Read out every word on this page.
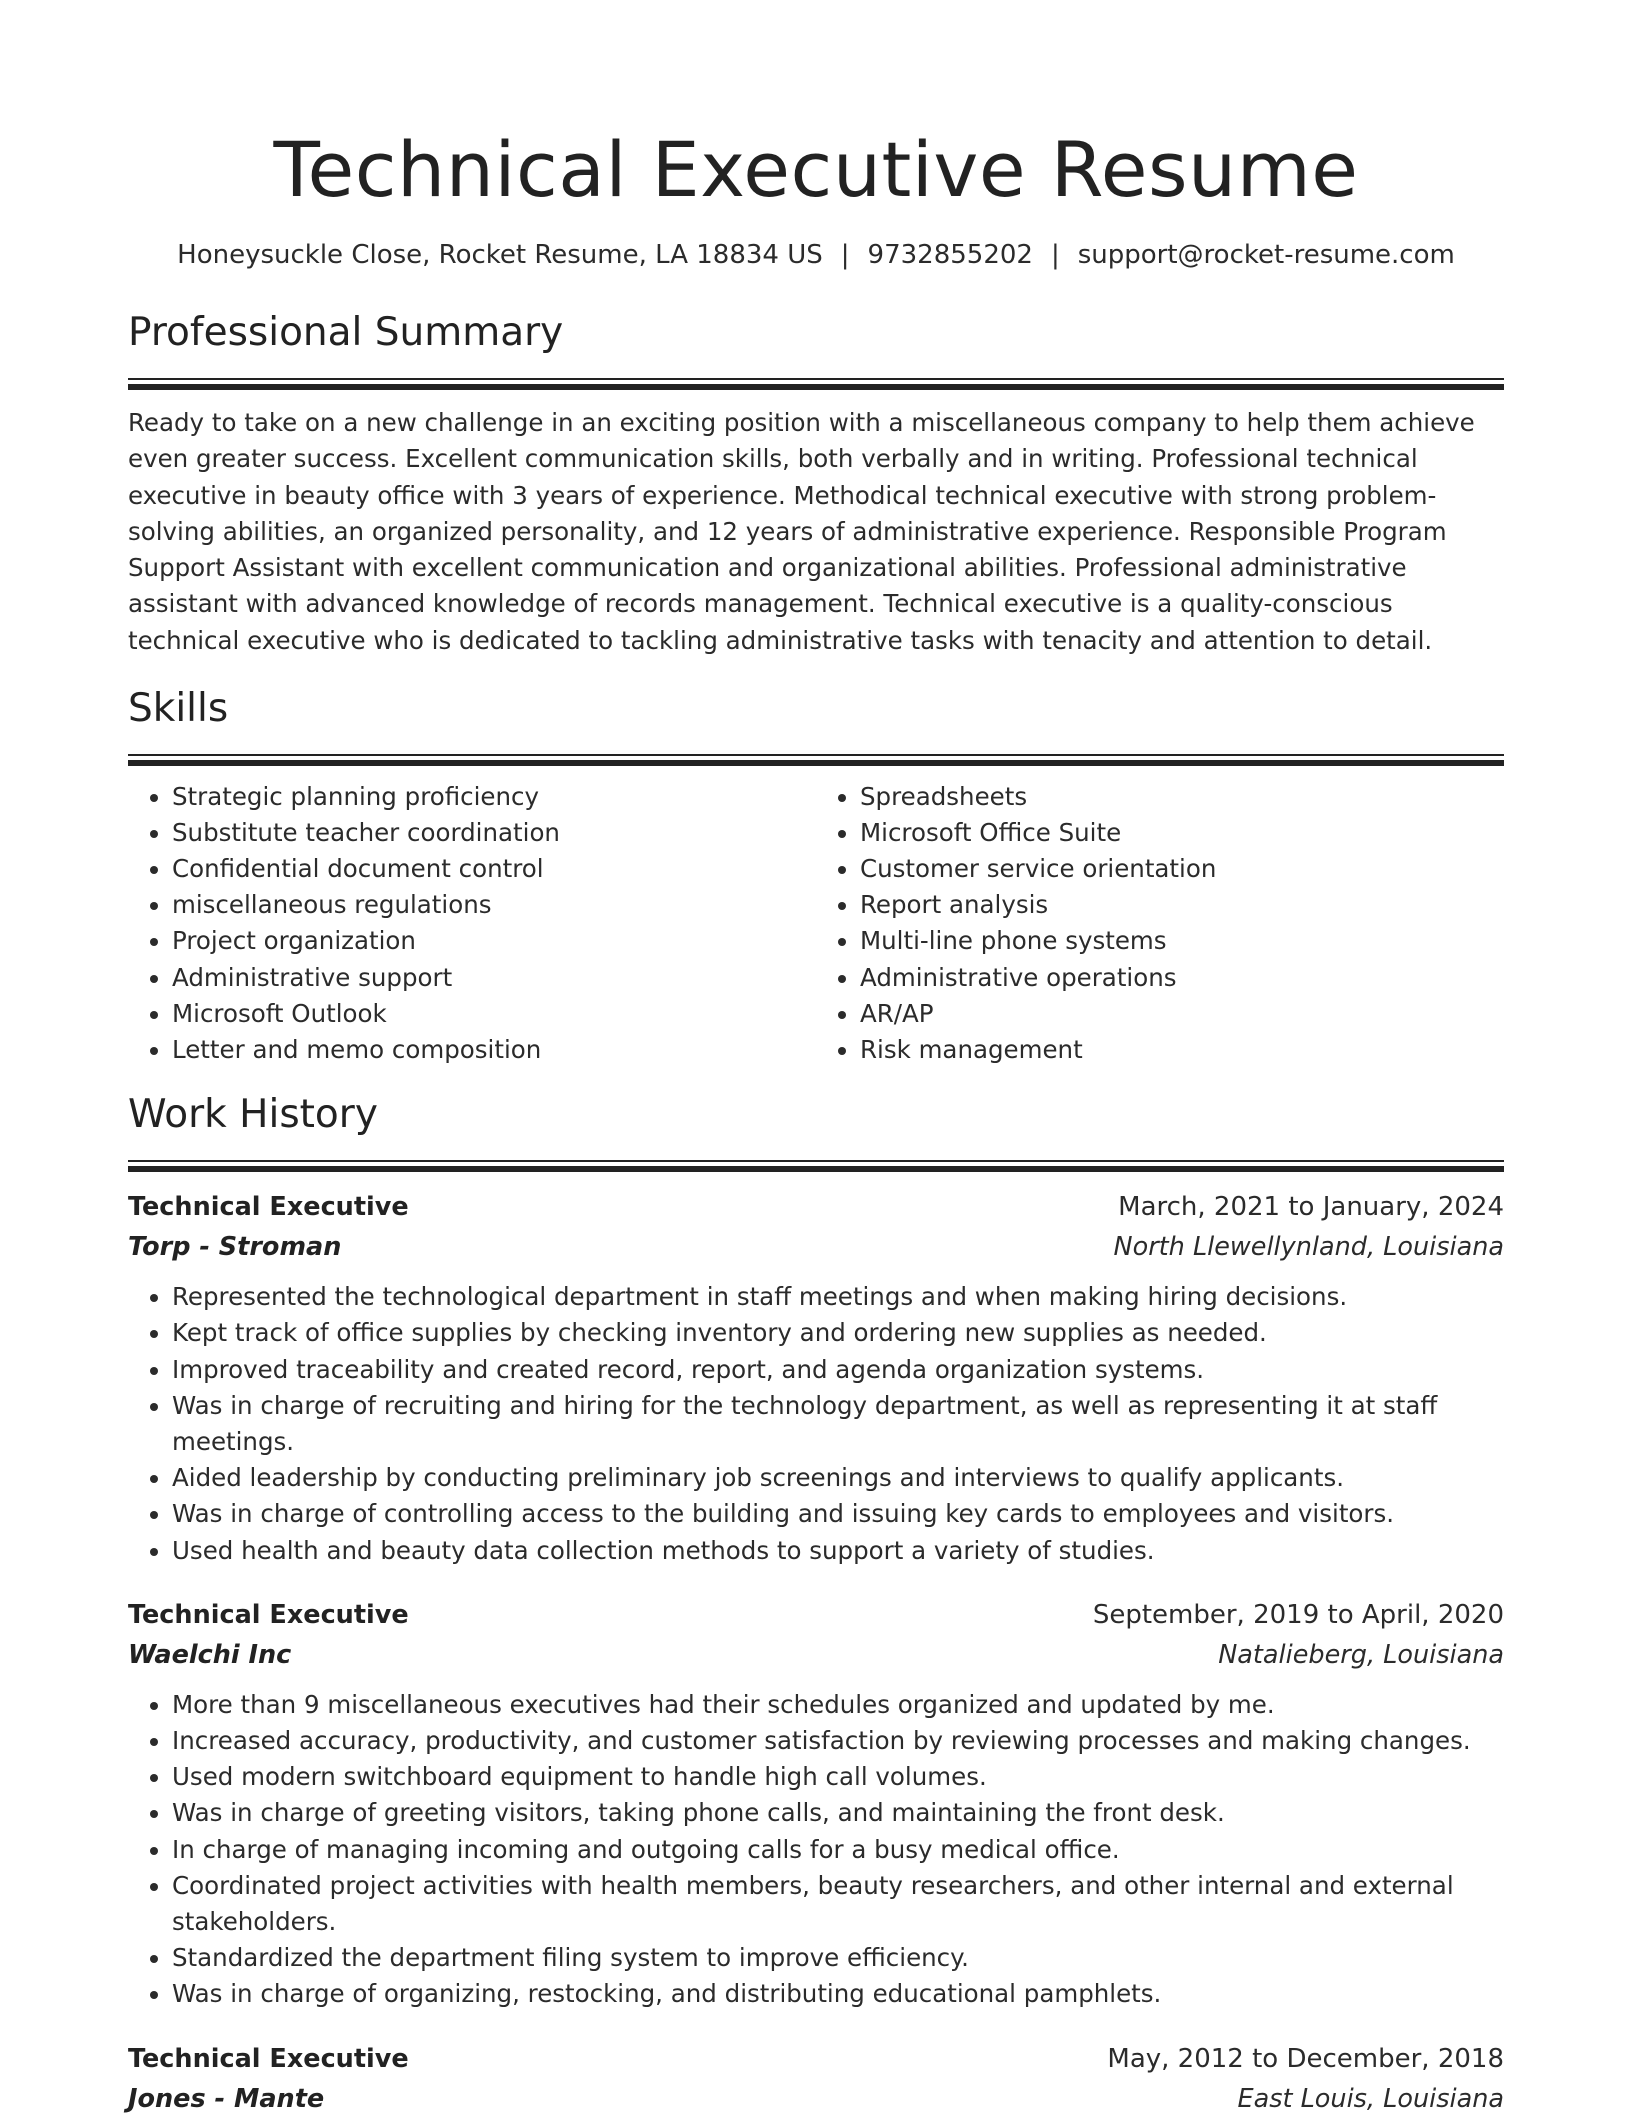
Technical Executive Resume
Honeysuckle Close, Rocket Resume, LA 18834 US | 9732855202 | support@rocket-resume.com
Professional Summary

Ready to take on a new challenge in an exciting position with a miscellaneous company to help them achieve even greater success. Excellent communication skills, both verbally and in writing. Professional technical executive in beauty office with 3 years of experience. Methodical technical executive with strong problem-solving abilities, an organized personality, and 12 years of administrative experience. Responsible Program Support Assistant with excellent communication and organizational abilities. Professional administrative assistant with advanced knowledge of records management. Technical executive is a quality-conscious technical executive who is dedicated to tackling administrative tasks with tenacity and attention to detail.

Skills
• Strategic planning proficiency
• Substitute teacher coordination
• Confidential document control
• miscellaneous regulations
• Project organization
• Administrative support
• Microsoft Outlook
• Letter and memo composition
• Spreadsheets
• Microsoft Office Suite
• Customer service orientation
• Report analysis
• Multi-line phone systems
• Administrative operations
• AR/AP
• Risk management
Work History
Technical Executive	March, 2021 to January, 2024
Torp - Stroman	North Llewellynland, Louisiana
• Represented the technological department in staff meetings and when making hiring decisions.
• Kept track of office supplies by checking inventory and ordering new supplies as needed.
• Improved traceability and created record, report, and agenda organization systems.
• Was in charge of recruiting and hiring for the technology department, as well as representing it at staff meetings.
• Aided leadership by conducting preliminary job screenings and interviews to qualify applicants.
• Was in charge of controlling access to the building and issuing key cards to employees and visitors.
• Used health and beauty data collection methods to support a variety of studies.
Technical Executive	September, 2019 to April, 2020
Waelchi Inc	Natalieberg, Louisiana
• More than 9 miscellaneous executives had their schedules organized and updated by me.
• Increased accuracy, productivity, and customer satisfaction by reviewing processes and making changes.
• Used modern switchboard equipment to handle high call volumes.
• Was in charge of greeting visitors, taking phone calls, and maintaining the front desk.
• In charge of managing incoming and outgoing calls for a busy medical office.
• Coordinated project activities with health members, beauty researchers, and other internal and external stakeholders.
• Standardized the department filing system to improve efficiency.
• Was in charge of organizing, restocking, and distributing educational pamphlets.
Technical Executive	May, 2012 to December, 2018
Jones - Mante	East Louis, Louisiana
